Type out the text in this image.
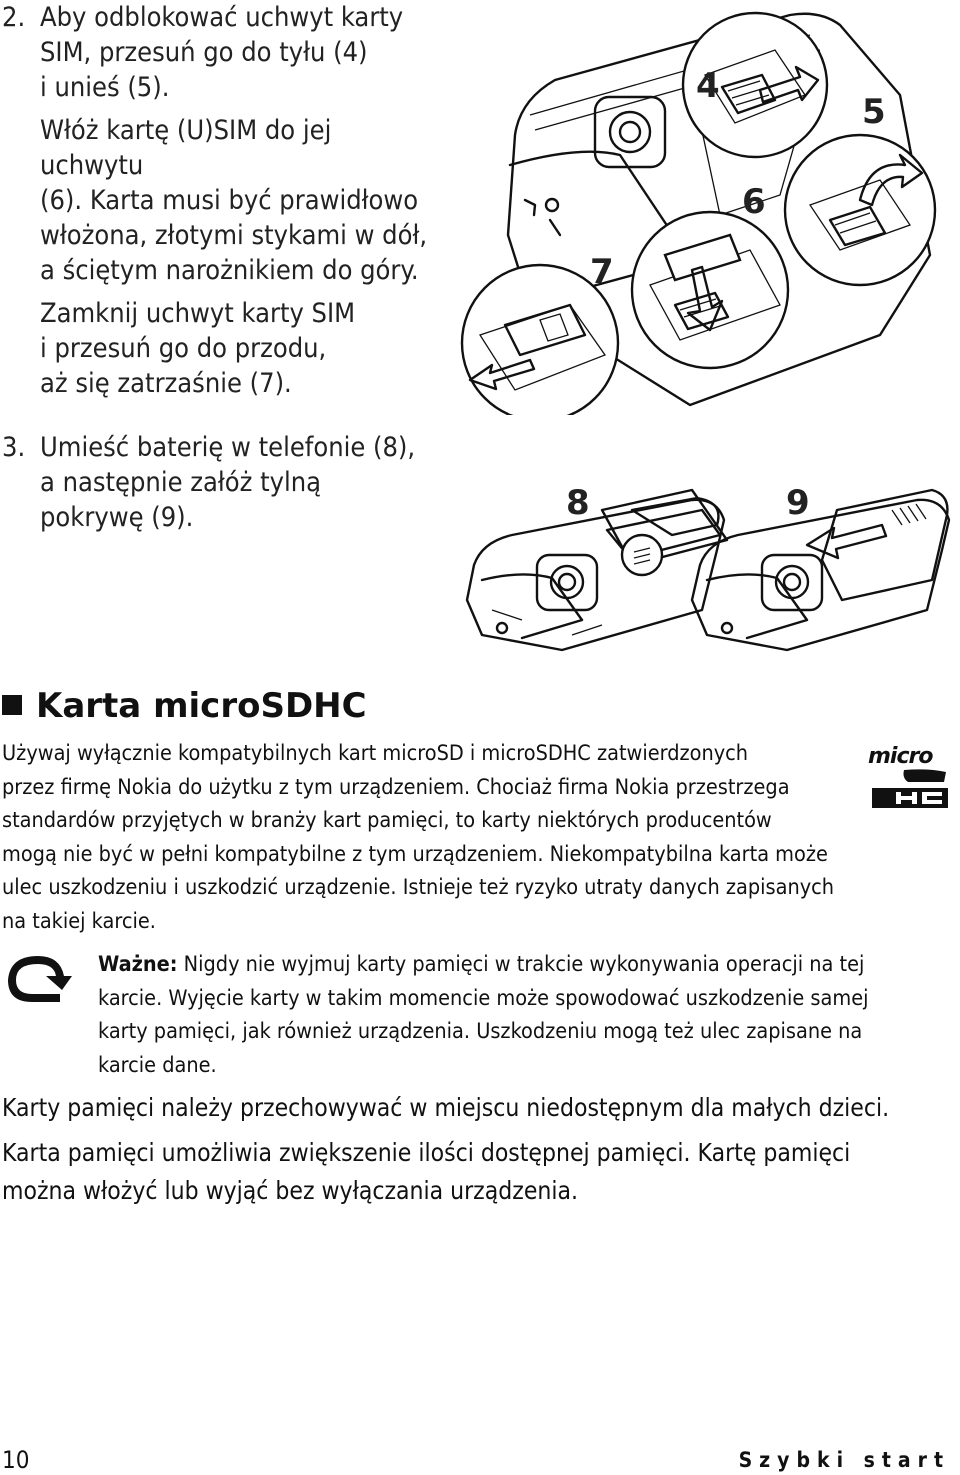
2. Aby odblokować uchwyt karty

SIM, przesuń go do tyłu (4)

i unieś (5).

Włóż kartę (U)SIM do jej uchwytu

(6). Karta musi być prawidłowo

włożona, złotymi stykami w dół,

a ściętym narożnikiem do góry.

Zamknij uchwyt karty SIM

i przesuń go do przodu,

aż się zatrzaśnie (7).

4
5
6
7

3. Umieść baterię w telefonie (8),

a następnie załóż tylną

pokrywę (9).	8	9
Karta microSDHC
micro

Używaj wyłącznie kompatybilnych kart microSD i microSDHC zatwierdzonych

przez firmę Nokia do użytku z tym urządzeniem. Chociaż firma Nokia przestrzega

standardów przyjętych w branży kart pamięci, to karty niektórych producentów

mogą nie być w pełni kompatybilne z tym urządzeniem. Niekompatybilna karta może

ulec uszkodzeniu i uszkodzić urządzenie. Istnieje też ryzyko utraty danych zapisanych

na takiej karcie.

Ważne: Nigdy nie wyjmuj karty pamięci w trakcie wykonywania operacji na tej

karcie. Wyjęcie karty w takim momencie może spowodować uszkodzenie samej

karty pamięci, jak również urządzenia. Uszkodzeniu mogą też ulec zapisane na

karcie dane.

Karty pamięci należy przechowywać w miejscu niedostępnym dla małych dzieci.

Karta pamięci umożliwia zwiększenie ilości dostępnej pamięci. Kartę pamięci

można włożyć lub wyjąć bez wyłączania urządzenia.

10	Szybki start
